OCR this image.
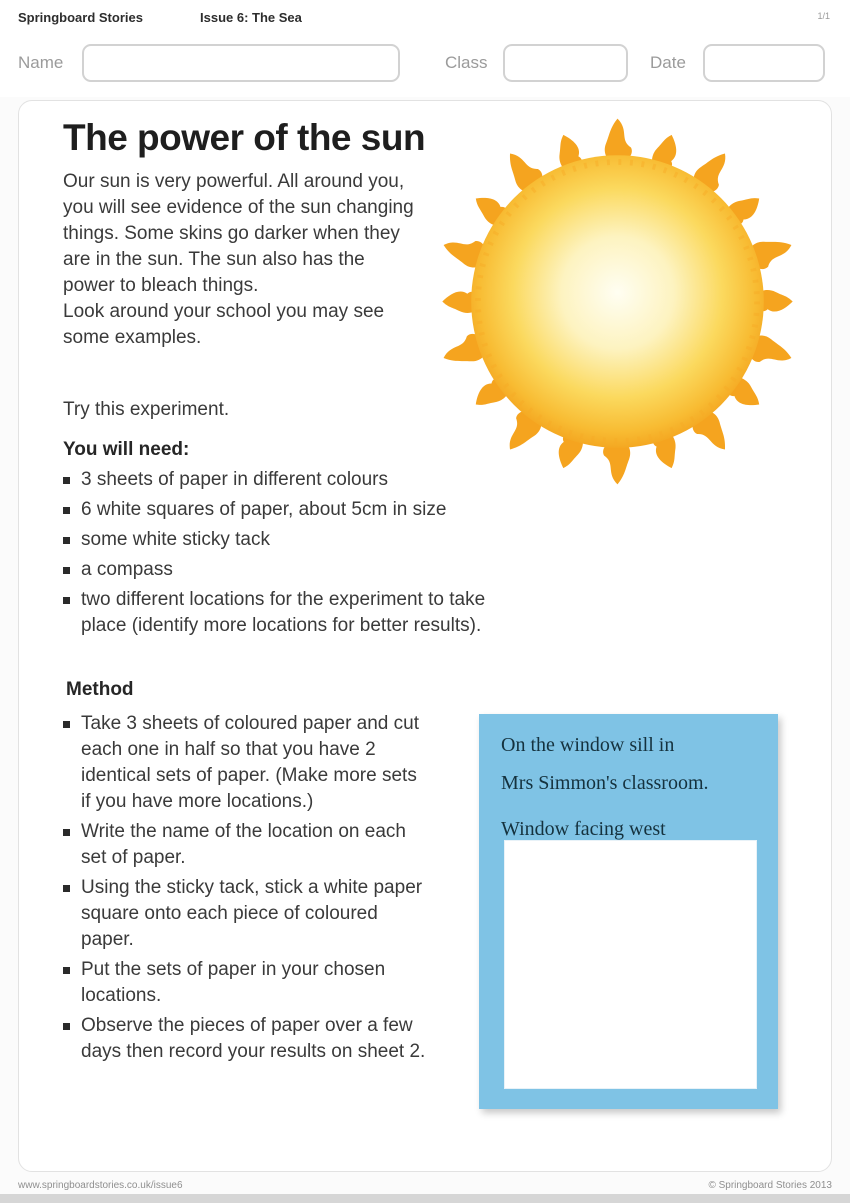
Springboard Stories	Issue 6: The Sea	1/1
Name	Class	Date
The power of the sun
Our sun is very powerful. All around you, you will see evidence of the sun changing things. Some skins go darker when they are in the sun. The sun also has the power to bleach things.
Look around your school you may see some examples.
Try this experiment.
You will need:
3 sheets of paper in different colours
6 white squares of paper, about 5cm in size
some white sticky tack
a compass
two different locations for the experiment to take place (identify more locations for better results).
Method
Take 3 sheets of coloured paper and cut each one in half so that you have 2 identical sets of paper. (Make more sets if you have more locations.)
Write the name of the location on each set of paper.
Using the sticky tack, stick a white paper square onto each piece of coloured paper.
Put the sets of paper in your chosen locations.
Observe the pieces of paper over a few days then record your results on sheet 2.
On the window sill in
Mrs Simmon's classroom.
Window facing west
www.springboardstories.co.uk/issue6	© Springboard Stories 2013
